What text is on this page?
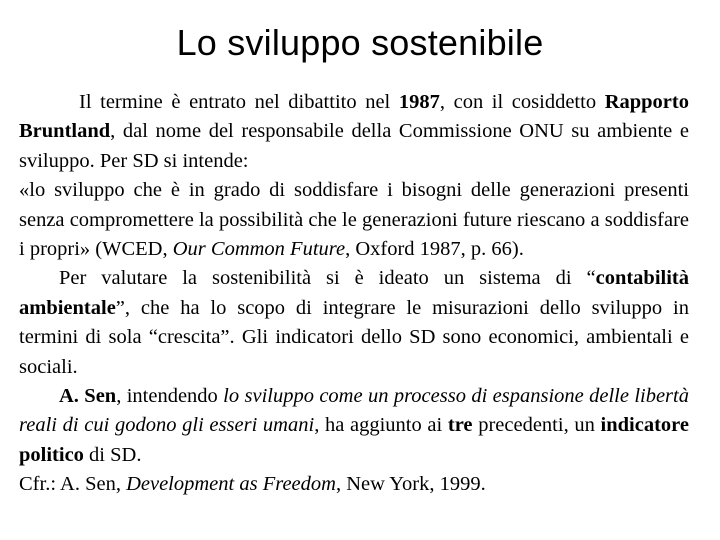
Lo sviluppo sostenibile

Il termine è entrato nel dibattito nel 1987, con il cosiddetto Rapporto Bruntland, dal nome del responsabile della Commissione ONU su ambiente e sviluppo. Per SD si intende:

«lo sviluppo che è in grado di soddisfare i bisogni delle generazioni presenti senza compromettere la possibilità che le generazioni future riescano a soddisfare i propri» (WCED, Our Common Future, Oxford 1987, p. 66).

Per valutare la sostenibilità si è ideato un sistema di “contabilità ambientale”, che ha lo scopo di integrare le misurazioni dello sviluppo in termini di sola “crescita”. Gli indicatori dello SD sono economici, ambientali e sociali.

A. Sen, intendendo lo sviluppo come un processo di espansione delle libertà reali di cui godono gli esseri umani, ha aggiunto ai tre precedenti, un indicatore politico di SD.

Cfr.: A. Sen, Development as Freedom, New York, 1999.
